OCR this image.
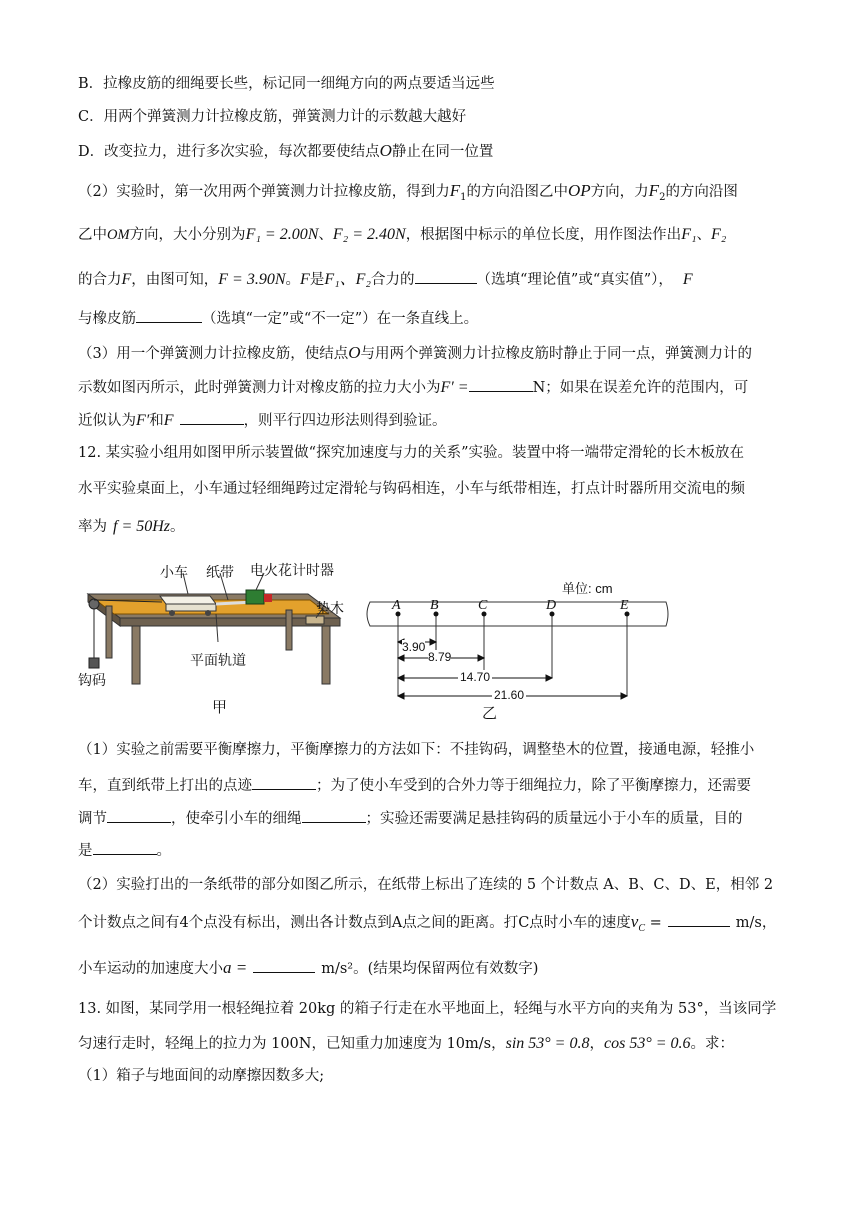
B．拉橡皮筋的细绳要长些，标记同一细绳方向的两点要适当远些
C．用两个弹簧测力计拉橡皮筋，弹簧测力计的示数越大越好
D．改变拉力，进行多次实验，每次都要使结点O静止在同一位置
（2）实验时，第一次用两个弹簧测力计拉橡皮筋，得到力$F_1$的方向沿图乙中OP方向，力$F_2$的方向沿图
乙中OM方向，大小分别为F₁ = 2.00N、F₂ = 2.40N，根据图中标示的单位长度，用作图法作出F₁、F₂
的合力F，由图可知，F = 3.90N。F是F₁、F₂合力的	（选填“理论值”或“真实值”）， F
与橡皮筋	（选填“一定”或“不一定”）在一条直线上。
（3）用一个弹簧测力计拉橡皮筋，使结点O与用两个弹簧测力计拉橡皮筋时静止于同一点，弹簧测力计的
示数如图丙所示，此时弹簧测力计对橡皮筋的拉力大小为F′ =	N；如果在误差允许的范围内，可
近似认为F′和F	，则平行四边形法则得到验证。
12. 某实验小组用如图甲所示装置做“探究加速度与力的关系”实验。装置中将一端带定滑轮的长木板放在
水平实验桌面上，小车通过轻细绳跨过定滑轮与钩码相连，小车与纸带相连，打点计时器所用交流电的频
率为 f = 50Hz。
小车 纸带 电火花计时器
垫木
平面轨道
钩码
甲
单位: cm
A B	C	D	E
3.90
8.79
14.70
21.60
乙
（1）实验之前需要平衡摩擦力，平衡摩擦力的方法如下：不挂钩码，调整垫木的位置，接通电源，轻推小
车，直到纸带上打出的点迹	；为了使小车受到的合外力等于细绳拉力，除了平衡摩擦力，还需要
调节	，使牵引小车的细绳	；实验还需要满足悬挂钩码的质量远小于小车的质量，目的
是	。
（2）实验打出的一条纸带的部分如图乙所示，在纸带上标出了连续的 5 个计数点 A、B、C、D、E，相邻 2
个计数点之间有4个点没有标出，测出各计数点到A点之间的距离。打C点时小车的速度$v_C$ =	m/s，
小车运动的加速度大小a =	m/s²。(结果均保留两位有效数字)
13. 如图，某同学用一根轻绳拉着 20kg 的箱子行走在水平地面上，轻绳与水平方向的夹角为 53°，当该同学
匀速行走时，轻绳上的拉力为 100N，已知重力加速度为 10m/s，sin 53° = 0.8，cos 53° = 0.6。求：
（1）箱子与地面间的动摩擦因数多大;
